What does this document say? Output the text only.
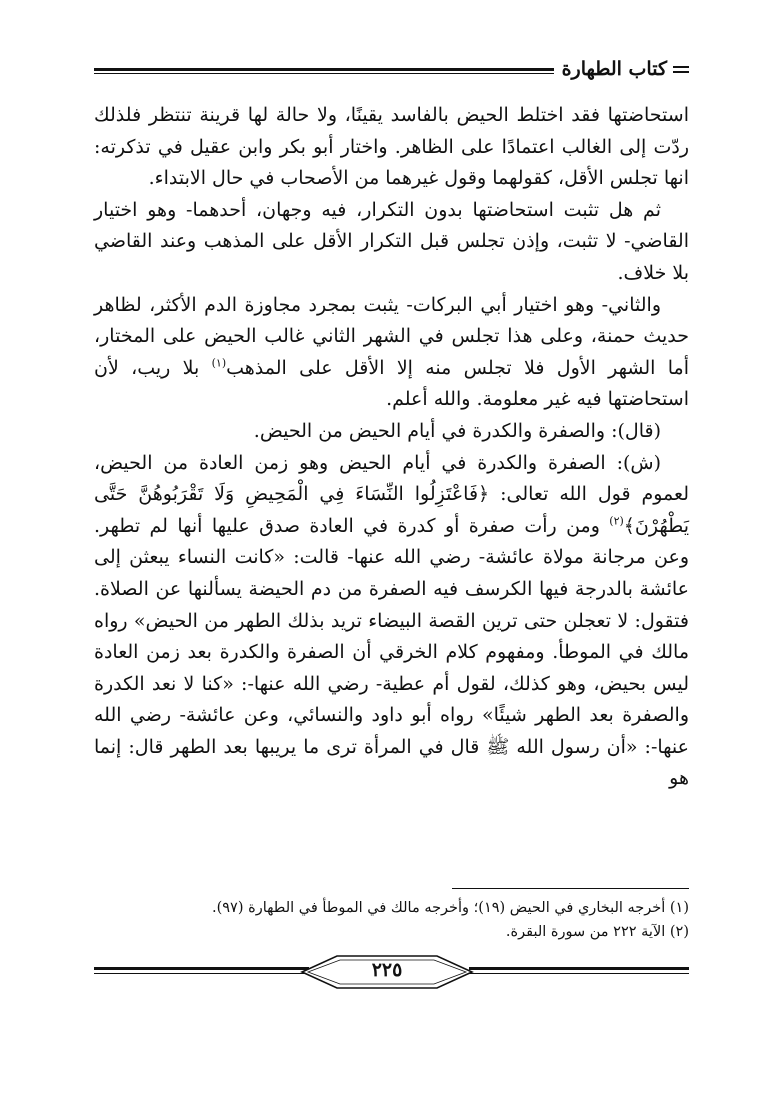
كتاب الطهارة

استحاضتها فقد اختلط الحيض بالفاسد يقينًا، ولا حالة لها قرينة تنتظر فلذلك ردّت إلى الغالب اعتمادًا على الظاهر. واختار أبو بكر وابن عقيل في تذكرته: انها تجلس الأقل، كقولهما وقول غيرهما من الأصحاب في حال الابتداء.

ثم هل تثبت استحاضتها بدون التكرار، فيه وجهان، أحدهما- وهو اختيار القاضي- لا تثبت، وإذن تجلس قبل التكرار الأقل على المذهب وعند القاضي بلا خلاف.

والثاني- وهو اختيار أبي البركات- يثبت بمجرد مجاوزة الدم الأكثر، لظاهر حديث حمنة، وعلى هذا تجلس في الشهر الثاني غالب الحيض على المختار، أما الشهر الأول فلا تجلس منه إلا الأقل على المذهب$^{(١)}$ بلا ريب، لأن استحاضتها فيه غير معلومة. والله أعلم.

(قال): والصفرة والكدرة في أيام الحيض من الحيض.

(ش): الصفرة والكدرة في أيام الحيض وهو زمن العادة من الحيض، لعموم قول الله تعالى: ﴿فَاعْتَزِلُوا النِّسَاءَ فِي الْمَحِيضِ وَلَا تَقْرَبُوهُنَّ حَتَّى يَطْهُرْنَ﴾$^{(٢)}$ ومن رأت صفرة أو كدرة في العادة صدق عليها أنها لم تطهر. وعن مرجانة مولاة عائشة- رضي الله عنها- قالت: «كانت النساء يبعثن إلى عائشة بالدرجة فيها الكرسف فيه الصفرة من دم الحيضة يسألنها عن الصلاة. فتقول: لا تعجلن حتى ترين القصة البيضاء تريد بذلك الطهر من الحيض» رواه مالك في الموطأ. ومفهوم كلام الخرقي أن الصفرة والكدرة بعد زمن العادة ليس بحيض، وهو كذلك، لقول أم عطية- رضي الله عنها-: «كنا لا نعد الكدرة والصفرة بعد الطهر شيئًا» رواه أبو داود والنسائي، وعن عائشة- رضي الله عنها-: «أن رسول الله ﷺ قال في المرأة ترى ما يريبها بعد الطهر قال: إنما هو

(١) أخرجه البخاري في الحيض (١٩)؛ وأخرجه مالك في الموطأ في الطهارة (٩٧).

(٢) الآية ٢٢٢ من سورة البقرة.

٢٢٥
